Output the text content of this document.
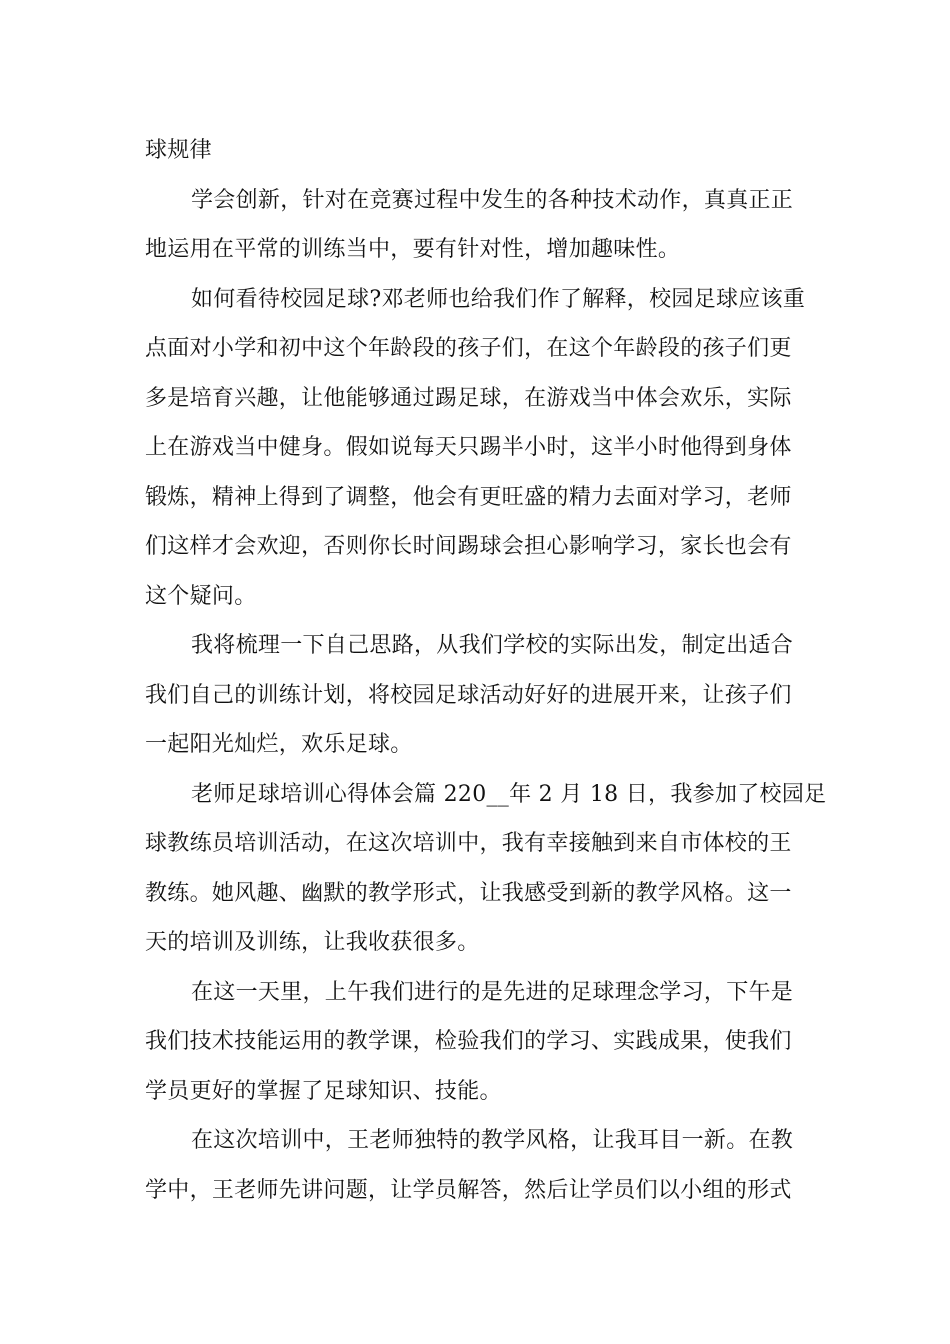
球规律
学会创新，针对在竞赛过程中发生的各种技术动作，真真正正
地运用在平常的训练当中，要有针对性，增加趣味性。
如何看待校园足球?邓老师也给我们作了解释，校园足球应该重
点面对小学和初中这个年龄段的孩子们，在这个年龄段的孩子们更
多是培育兴趣，让他能够通过踢足球，在游戏当中体会欢乐，实际
上在游戏当中健身。假如说每天只踢半小时，这半小时他得到身体
锻炼，精神上得到了调整，他会有更旺盛的精力去面对学习，老师
们这样才会欢迎，否则你长时间踢球会担心影响学习，家长也会有
这个疑问。
我将梳理一下自己思路，从我们学校的实际出发，制定出适合
我们自己的训练计划，将校园足球活动好好的进展开来，让孩子们
一起阳光灿烂，欢乐足球。
老师足球培训心得体会篇 220__年 2 月 18 日，我参加了校园足
球教练员培训活动，在这次培训中，我有幸接触到来自市体校的王
教练。她风趣、幽默的教学形式，让我感受到新的教学风格。这一
天的培训及训练，让我收获很多。
在这一天里，上午我们进行的是先进的足球理念学习，下午是
我们技术技能运用的教学课，检验我们的学习、实践成果，使我们
学员更好的掌握了足球知识、技能。
在这次培训中，王老师独特的教学风格，让我耳目一新。在教
学中，王老师先讲问题，让学员解答，然后让学员们以小组的形式
